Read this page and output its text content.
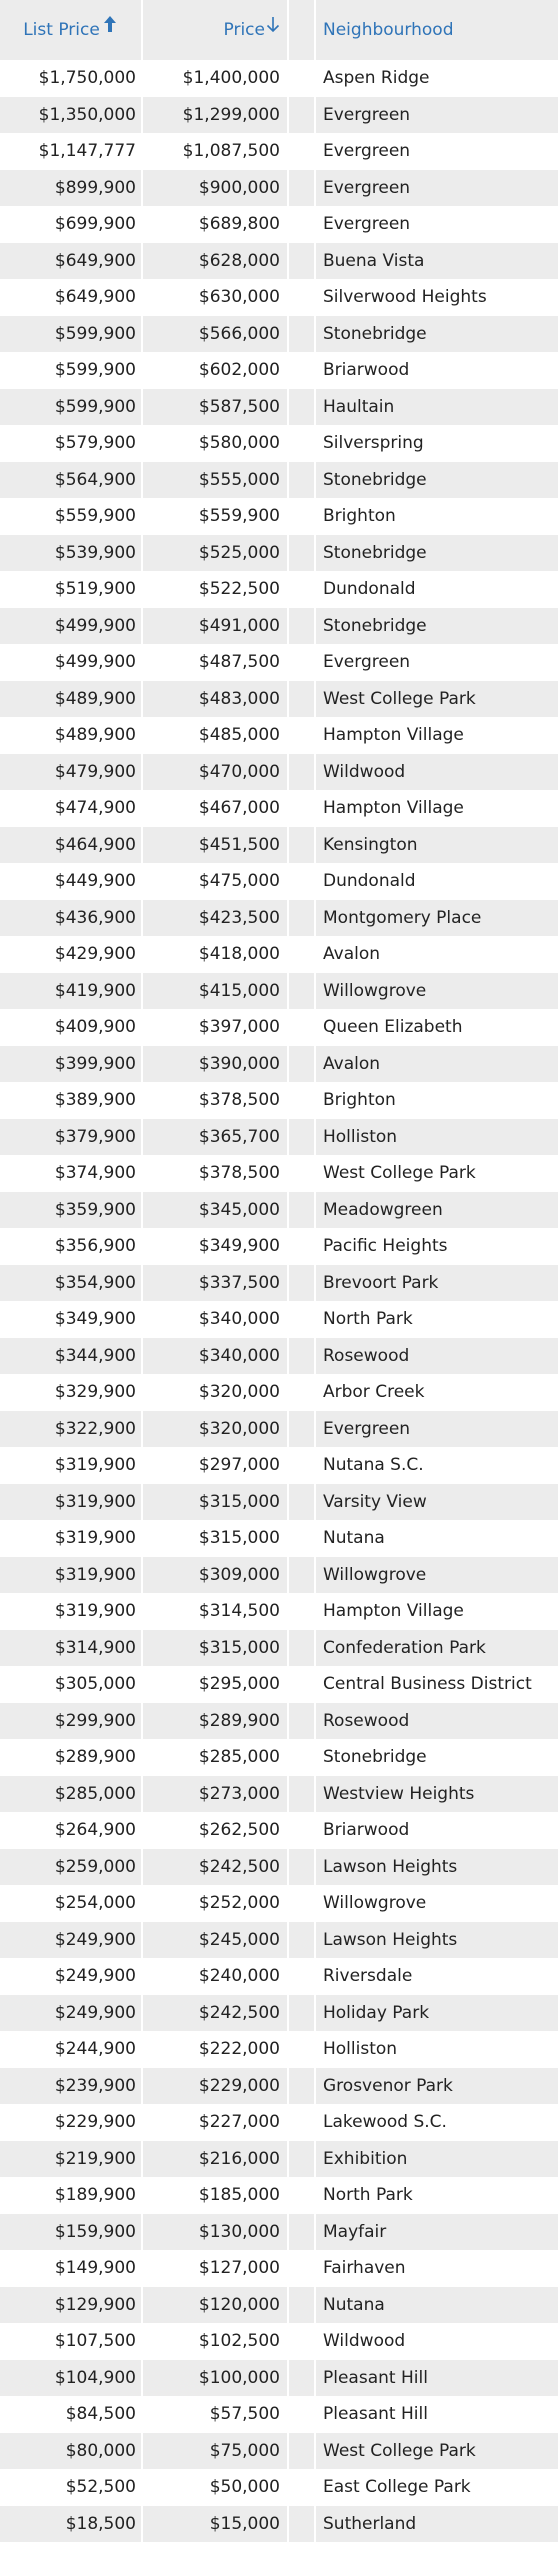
List Price	Price	Neighbourhood
$1,750,000	$1,400,000	Aspen Ridge
$1,350,000	$1,299,000	Evergreen
$1,147,777	$1,087,500	Evergreen
$899,900	$900,000	Evergreen
$699,900	$689,800	Evergreen
$649,900	$628,000	Buena Vista
$649,900	$630,000	Silverwood Heights
$599,900	$566,000	Stonebridge
$599,900	$602,000	Briarwood
$599,900	$587,500	Haultain
$579,900	$580,000	Silverspring
$564,900	$555,000	Stonebridge
$559,900	$559,900	Brighton
$539,900	$525,000	Stonebridge
$519,900	$522,500	Dundonald
$499,900	$491,000	Stonebridge
$499,900	$487,500	Evergreen
$489,900	$483,000	West College Park
$489,900	$485,000	Hampton Village
$479,900	$470,000	Wildwood
$474,900	$467,000	Hampton Village
$464,900	$451,500	Kensington
$449,900	$475,000	Dundonald
$436,900	$423,500	Montgomery Place
$429,900	$418,000	Avalon
$419,900	$415,000	Willowgrove
$409,900	$397,000	Queen Elizabeth
$399,900	$390,000	Avalon
$389,900	$378,500	Brighton
$379,900	$365,700	Holliston
$374,900	$378,500	West College Park
$359,900	$345,000	Meadowgreen
$356,900	$349,900	Pacific Heights
$354,900	$337,500	Brevoort Park
$349,900	$340,000	North Park
$344,900	$340,000	Rosewood
$329,900	$320,000	Arbor Creek
$322,900	$320,000	Evergreen
$319,900	$297,000	Nutana S.C.
$319,900	$315,000	Varsity View
$319,900	$315,000	Nutana
$319,900	$309,000	Willowgrove
$319,900	$314,500	Hampton Village
$314,900	$315,000	Confederation Park
$305,000	$295,000	Central Business District
$299,900	$289,900	Rosewood
$289,900	$285,000	Stonebridge
$285,000	$273,000	Westview Heights
$264,900	$262,500	Briarwood
$259,000	$242,500	Lawson Heights
$254,000	$252,000	Willowgrove
$249,900	$245,000	Lawson Heights
$249,900	$240,000	Riversdale
$249,900	$242,500	Holiday Park
$244,900	$222,000	Holliston
$239,900	$229,000	Grosvenor Park
$229,900	$227,000	Lakewood S.C.
$219,900	$216,000	Exhibition
$189,900	$185,000	North Park
$159,900	$130,000	Mayfair
$149,900	$127,000	Fairhaven
$129,900	$120,000	Nutana
$107,500	$102,500	Wildwood
$104,900	$100,000	Pleasant Hill
$84,500	$57,500	Pleasant Hill
$80,000	$75,000	West College Park
$52,500	$50,000	East College Park
$18,500	$15,000	Sutherland
